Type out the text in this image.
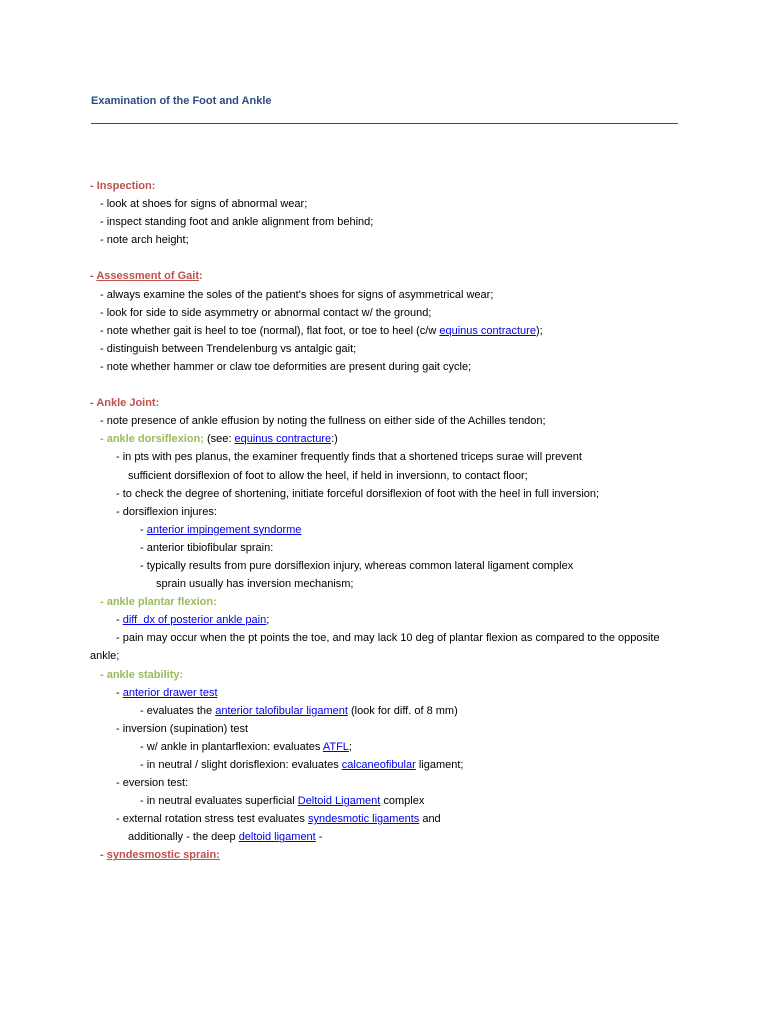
Examination of the Foot and Ankle
- Inspection:
- look at shoes for signs of abnormal wear;
- inspect standing foot and ankle alignment from behind;
- note arch height;
- Assessment of Gait:
- always examine the soles of the patient's shoes for signs of asymmetrical wear;
- look for side to side asymmetry or abnormal contact w/ the ground;
- note whether gait is heel to toe (normal), flat foot, or toe to heel (c/w equinus contracture);
- distinguish between Trendelenburg vs antalgic gait;
- note whether hammer or claw toe deformities are present during gait cycle;
- Ankle Joint:
- note presence of ankle effusion by noting the fullness on either side of the Achilles tendon;
- ankle dorsiflexion; (see: equinus contracture:)
- in pts with pes planus, the examiner frequently finds that a shortened triceps surae will prevent
sufficient dorsiflexion of foot to allow the heel, if held in inversionn, to contact floor;
- to check the degree of shortening, initiate forceful dorsiflexion of foot with the heel in full inversion;
- dorsiflexion injures:
- anterior impingement syndorme
- anterior tibiofibular sprain:
- typically results from pure dorsiflexion injury, whereas common lateral ligament complex
sprain usually has inversion mechanism;
- ankle plantar flexion:
- diff  dx of posterior ankle pain;
- pain may occur when the pt points the toe, and may lack 10 deg of plantar flexion as compared to the opposite ankle;
- ankle stability:
- anterior drawer test
- evaluates the anterior talofibular ligament (look for diff. of 8 mm)
- inversion (supination) test
- w/ ankle in plantarflexion: evaluates ATFL;
- in neutral / slight dorisflexion: evaluates calcaneofibular ligament;
- eversion test:
- in neutral evaluates superficial Deltoid Ligament complex
- external rotation stress test evaluates syndesmotic ligaments and
additionally - the deep deltoid ligament -
- syndesmostic sprain:
